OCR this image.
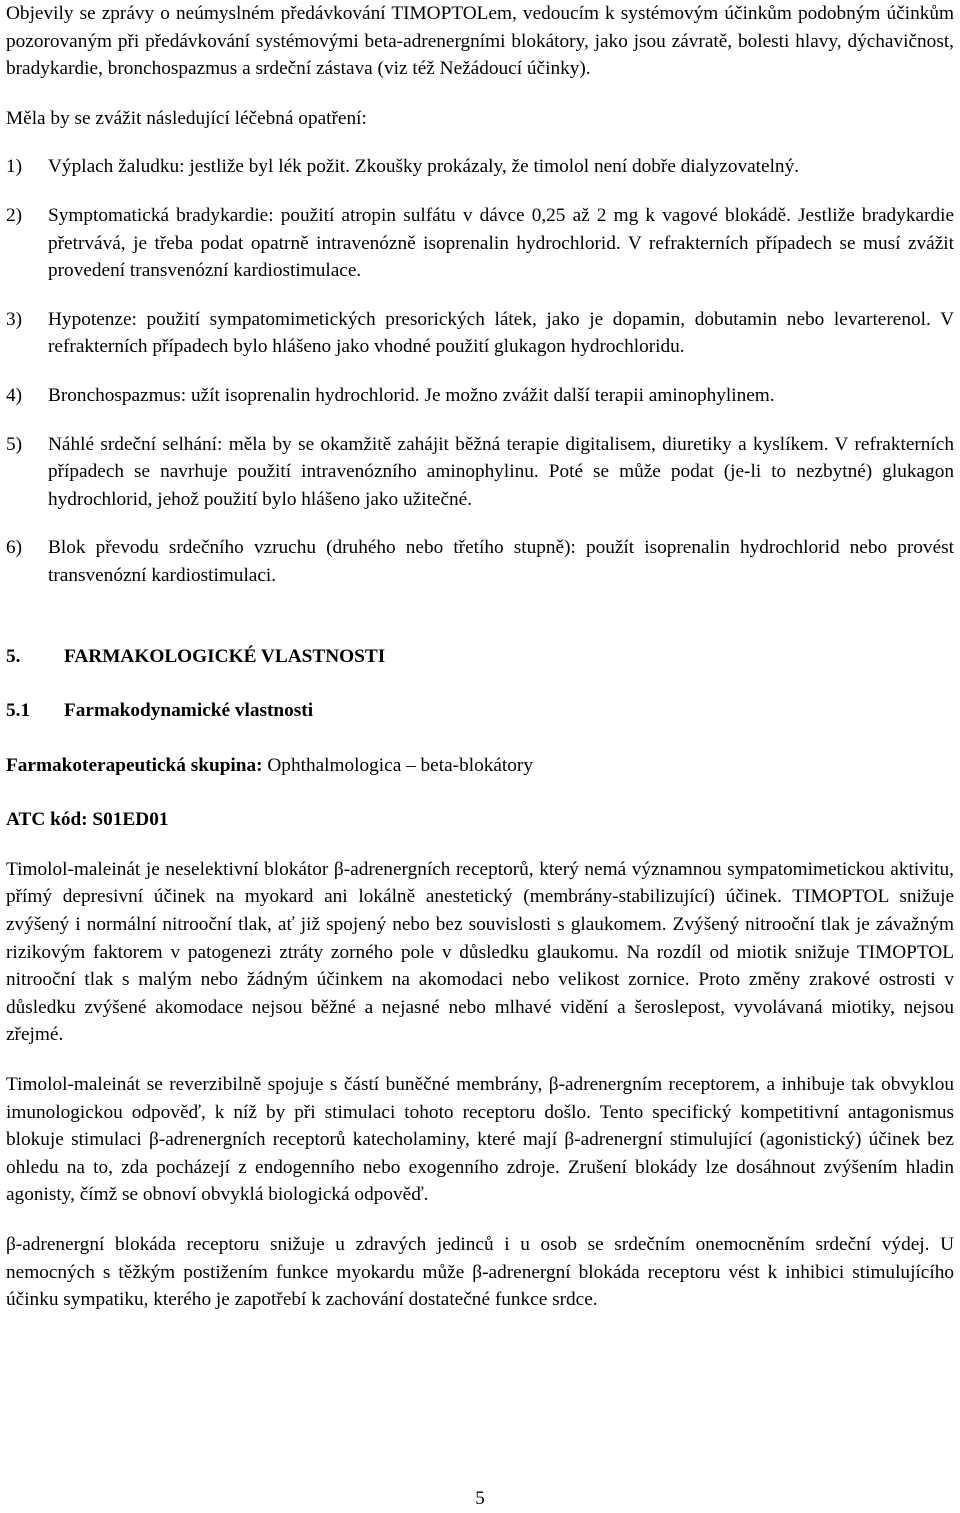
Objevily se zprávy o neúmyslném předávkování TIMOPTOLem, vedoucím k systémovým účinkům podobným účinkům pozorovaným při předávkování systémovými beta-adrenergními blokátory, jako jsou závratě, bolesti hlavy, dýchavičnost, bradykardie, bronchospazmus a srdeční zástava (viz též Nežádoucí účinky).

Měla by se zvážit následující léčebná opatření:

1)	Výplach žaludku: jestliže byl lék požit. Zkoušky prokázaly, že timolol není dobře dialyzovatelný.
2)	Symptomatická bradykardie: použití atropin sulfátu v dávce 0,25 až 2 mg k vagové blokádě. Jestliže bradykardie přetrvává, je třeba podat opatrně intravenózně isoprenalin hydrochlorid. V refrakterních případech se musí zvážit provedení transvenózní kardiostimulace.
3)	Hypotenze: použití sympatomimetických presorických látek, jako je dopamin, dobutamin nebo levarterenol. V refrakterních případech bylo hlášeno jako vhodné použití glukagon hydrochloridu.
4)	Bronchospazmus: užít isoprenalin hydrochlorid. Je možno zvážit další terapii aminophylinem.
5)	Náhlé srdeční selhání: měla by se okamžitě zahájit běžná terapie digitalisem, diuretiky a kyslíkem. V refrakterních případech se navrhuje použití intravenózního aminophylinu. Poté se může podat (je-li to nezbytné) glukagon hydrochlorid, jehož použití bylo hlášeno jako užitečné.
6)	Blok převodu srdečního vzruchu (druhého nebo třetího stupně): použít isoprenalin hydrochlorid nebo provést transvenózní kardiostimulaci.
5.	FARMAKOLOGICKÉ VLASTNOSTI
5.1	Farmakodynamické vlastnosti

Farmakoterapeutická skupina: Ophthalmologica – beta-blokátory

ATC kód: S01ED01

Timolol-maleinát je neselektivní blokátor β-adrenergních receptorů, který nemá významnou sympatomimetickou aktivitu, přímý depresivní účinek na myokard ani lokálně anestetický (membrány-stabilizující) účinek. TIMOPTOL snižuje zvýšený i normální nitrooční tlak, ať již spojený nebo bez souvislosti s glaukomem. Zvýšený nitrooční tlak je závažným rizikovým faktorem v patogenezi ztráty zorného pole v důsledku glaukomu. Na rozdíl od miotik snižuje TIMOPTOL nitrooční tlak s malým nebo žádným účinkem na akomodaci nebo velikost zornice. Proto změny zrakové ostrosti v důsledku zvýšené akomodace nejsou běžné a nejasné nebo mlhavé vidění a šeroslepost, vyvolávaná miotiky, nejsou zřejmé.

Timolol-maleinát se reverzibilně spojuje s částí buněčné membrány, β-adrenergním receptorem, a inhibuje tak obvyklou imunologickou odpověď, k níž by při stimulaci tohoto receptoru došlo. Tento specifický kompetitivní antagonismus blokuje stimulaci β-adrenergních receptorů katecholaminy, které mají β-adrenergní stimulující (agonistický) účinek bez ohledu na to, zda pocházejí z endogenního nebo exogenního zdroje. Zrušení blokády lze dosáhnout zvýšením hladin agonisty, čímž se obnoví obvyklá biologická odpověď.

β-adrenergní blokáda receptoru snižuje u zdravých jedinců i u osob se srdečním onemocněním srdeční výdej. U nemocných s těžkým postižením funkce myokardu může β-adrenergní blokáda receptoru vést k inhibici stimulujícího účinku sympatiku, kterého je zapotřebí k zachování dostatečné funkce srdce.

5
